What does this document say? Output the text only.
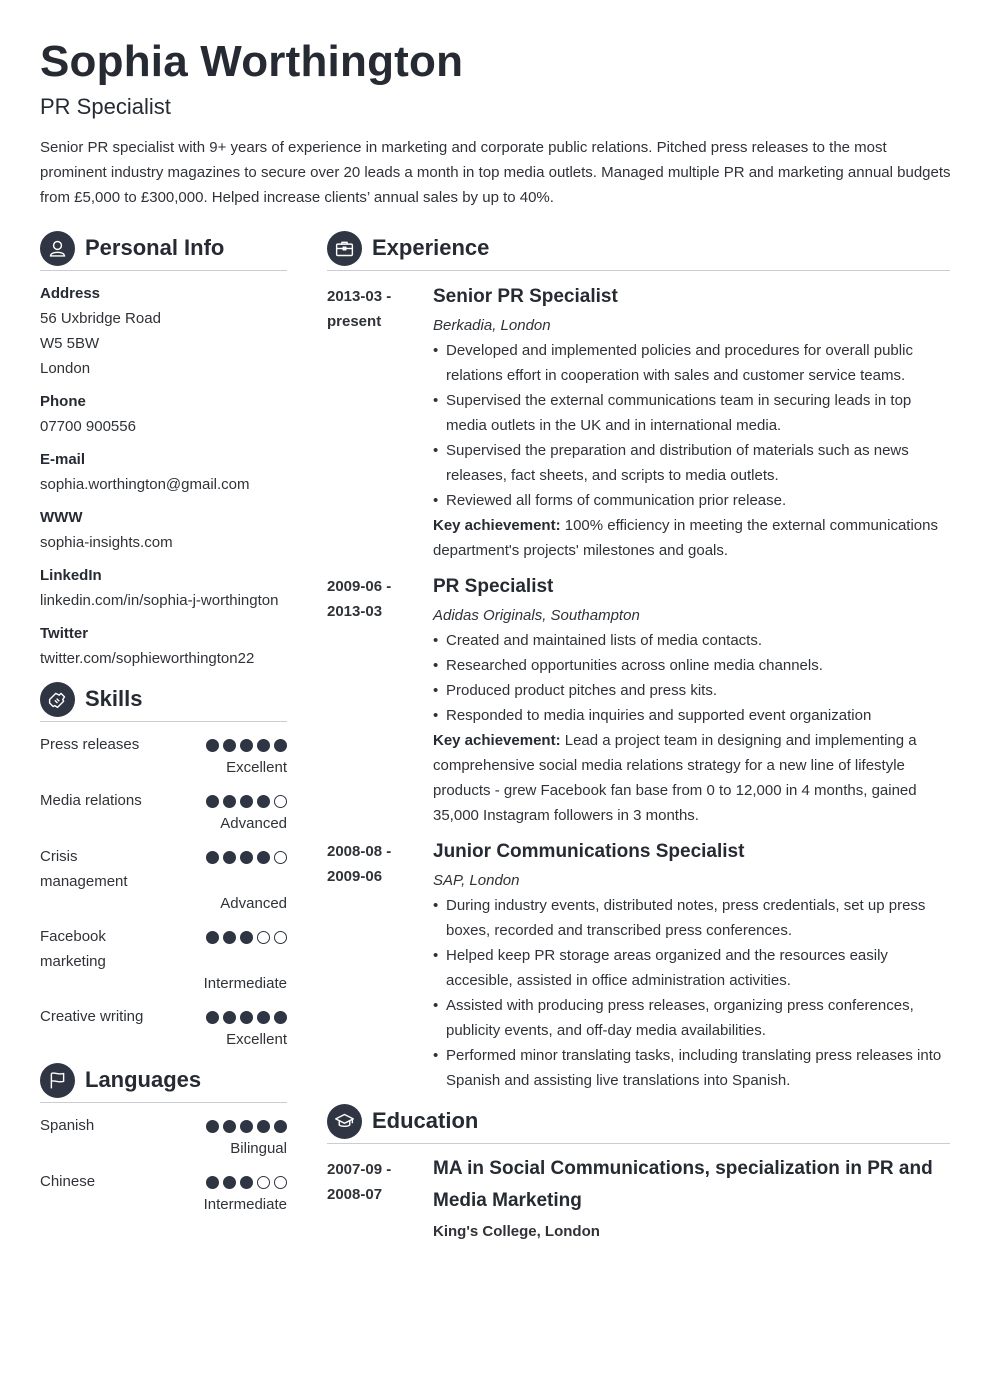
Sophia Worthington
PR Specialist
Senior PR specialist with 9+ years of experience in marketing and corporate public relations. Pitched press releases to the most prominent industry magazines to secure over 20 leads a month in top media outlets. Managed multiple PR and marketing annual budgets from £5,000 to £300,000. Helped increase clients’ annual sales by up to 40%.
Personal Info
Address
56 Uxbridge Road
W5 5BW
London
Phone
07700 900556
E-mail
sophia.worthington@gmail.com
WWW
sophia-insights.com
LinkedIn
linkedin.com/in/sophia-j-worthington
Twitter
twitter.com/sophieworthington22
Skills
Press releases
Excellent
Media relations
Advanced
Crisis management
Advanced
Facebook marketing
Intermediate
Creative writing
Excellent
Languages
Spanish
Bilingual
Chinese
Intermediate
Experience
2013-03 -
present
Senior PR Specialist
Berkadia, London
• Developed and implemented policies and procedures for overall public relations effort in cooperation with sales and customer service teams.
• Supervised the external communications team in securing leads in top media outlets in the UK and in international media.
• Supervised the preparation and distribution of materials such as news releases, fact sheets, and scripts to media outlets.
• Reviewed all forms of communication prior release.
Key achievement: 100% efficiency in meeting the external communications department's projects' milestones and goals.
2009-06 -
2013-03
PR Specialist
Adidas Originals, Southampton
• Created and maintained lists of media contacts.
• Researched opportunities across online media channels.
• Produced product pitches and press kits.
• Responded to media inquiries and supported event organization
Key achievement: Lead a project team in designing and implementing a comprehensive social media relations strategy for a new line of lifestyle products - grew Facebook fan base from 0 to 12,000 in 4 months, gained 35,000 Instagram followers in 3 months.
2008-08 -
2009-06
Junior Communications Specialist
SAP, London
• During industry events, distributed notes, press credentials, set up press boxes, recorded and transcribed press conferences.
• Helped keep PR storage areas organized and the resources easily accesible, assisted in office administration activities.
• Assisted with producing press releases, organizing press conferences, publicity events, and off-day media availabilities.
• Performed minor translating tasks, including translating press releases into Spanish and assisting live translations into Spanish.
Education
2007-09 -
2008-07
MA in Social Communications, specialization in PR and Media Marketing
King's College, London
